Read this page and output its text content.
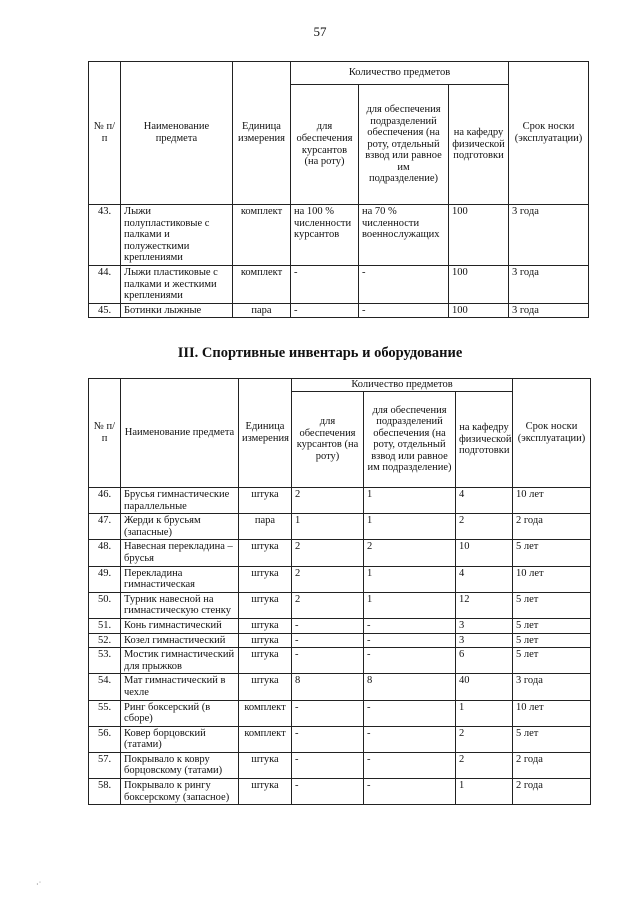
57
№ п/п	Наименование предмета	Единица измерения	Количество предметов			Срок носки (эксплуатации)
			для обеспечения курсантов (на роту)	для обеспечения подразделений обеспечения (на роту, отдельный взвод или равное им подразделение)	на кафедру физической подготовки	
43.	Лыжи полупластиковые с палками и полужесткими креплениями	комплект	на 100 % численности курсантов	на 70 % численности военнослужащих	100	3 года
44.	Лыжи пластиковые с палками и жесткими креплениями	комплект	-	-	100	3 года
45.	Ботинки лыжные	пара	-	-	100	3 года
III. Спортивные инвентарь и оборудование
№ п/п	Наименование предмета	Единица измерения	Количество предметов			Срок носки (эксплуатации)
			для обеспечения курсантов (на роту)	для обеспечения подразделений обеспечения (на роту, отдельный взвод или равное им подразделение)	на кафедру физической подготовки	
46.	Брусья гимнастические параллельные	штука	2	1	4	10 лет
47.	Жерди к брусьям (запасные)	пара	1	1	2	2 года
48.	Навесная перекладина – брусья	штука	2	2	10	5 лет
49.	Перекладина гимнастическая	штука	2	1	4	10 лет
50.	Турник навесной на гимнастическую стенку	штука	2	1	12	5 лет
51.	Конь гимнастический	штука	-	-	3	5 лет
52.	Козел гимнастический	штука	-	-	3	5 лет
53.	Мостик гимнастический для прыжков	штука	-	-	6	5 лет
54.	Мат гимнастический в чехле	штука	8	8	40	3 года
55.	Ринг боксерский (в сборе)	комплект	-	-	1	10 лет
56.	Ковер борцовский (татами)	комплект	-	-	2	5 лет
57.	Покрывало к ковру борцовскому (татами)	штука	-	-	2	2 года
58.	Покрывало к рингу боксерскому (запасное)	штука	-	-	1	2 года
·˙
